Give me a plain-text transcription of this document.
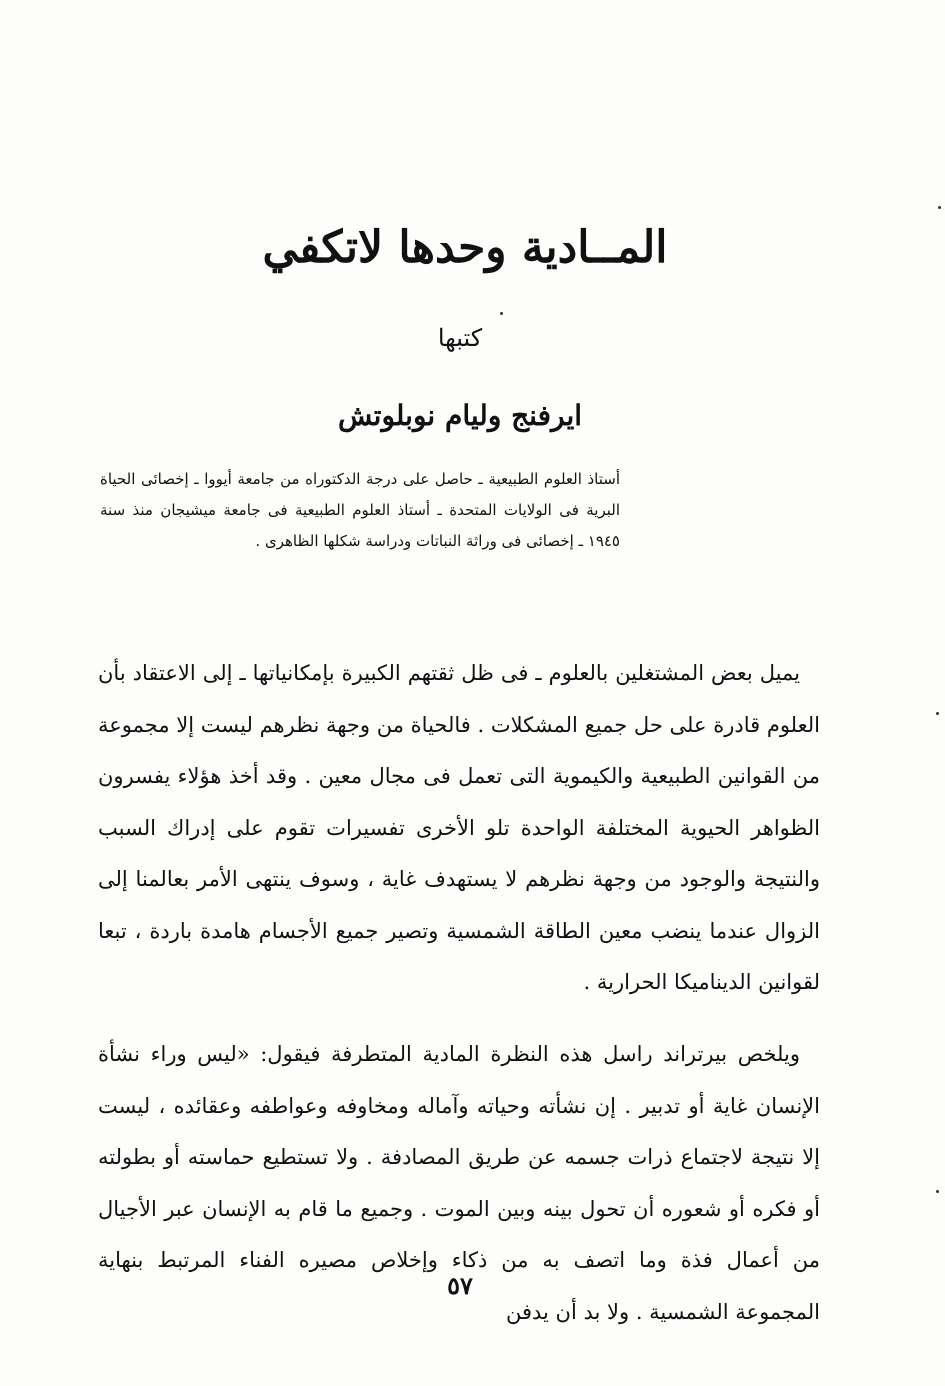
المــادية وحدها لاتكفي
كتبها
ايرفنج وليام نوبلوتش
أستاذ العلوم الطبيعية ـ حاصل على درجة الدكتوراه من جامعة أيووا ـ إخصائى الحياة البرية فى الولايات المتحدة ـ أستاذ العلوم الطبيعية فى جامعة ميشيجان منذ سنة ١٩٤٥ ـ إخصائى فى وراثة النباتات ودراسة شكلها الظاهرى .

يميل بعض المشتغلين بالعلوم ـ فى ظل ثقتهم الكبيرة بإمكانياتها ـ إلى الاعتقاد بأن العلوم قادرة على حل جميع المشكلات . فالحياة من وجهة نظرهم ليست إلا مجموعة من القوانين الطبيعية والكيموية التى تعمل فى مجال معين . وقد أخذ هؤلاء يفسرون الظواهر الحيوية المختلفة الواحدة تلو الأخرى تفسيرات تقوم على إدراك السبب والنتيجة والوجود من وجهة نظرهم لا يستهدف غاية ، وسوف ينتهى الأمر بعالمنا إلى الزوال عندما ينضب معين الطاقة الشمسية وتصير جميع الأجسام هامدة باردة ، تبعا لقوانين الديناميكا الحرارية .

ويلخص بيرتراند راسل هذه النظرة المادية المتطرفة فيقول: «ليس وراء نشأة الإنسان غاية أو تدبير . إن نشأته وحياته وآماله ومخاوفه وعواطفه وعقائده ، ليست إلا نتيجة لاجتماع ذرات جسمه عن طريق المصادفة . ولا تستطيع حماسته أو بطولته أو فكره أو شعوره أن تحول بينه وبين الموت . وجميع ما قام به الإنسان عبر الأجيال من أعمال فذة وما اتصف به من ذكاء وإخلاص مصيره الفناء المرتبط بنهاية المجموعة الشمسية . ولا بد أن يدفن

٥٧
